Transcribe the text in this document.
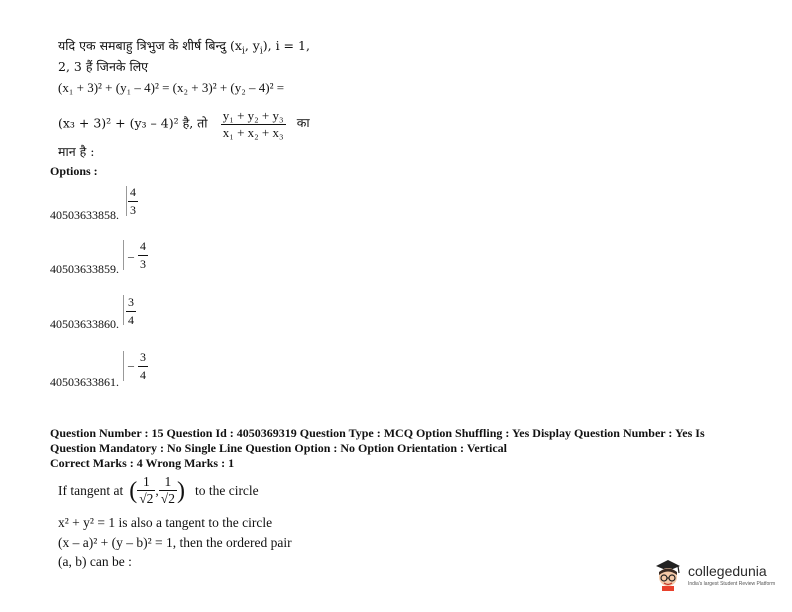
यदि एक समबाहु त्रिभुज के शीर्ष बिन्दु ($x_i$, $y_i$), i = 1,
2, 3 हैं जिनके लिए
(x₁ + 3)² + (y₁ – 4)² = (x₂ + 3)² + (y₂ – 4)² =
(x₃ + 3)² + (y₃ – 4)² है, तो $\frac{\text{y₁ + y₂ + y₃}}{\text{x₁ + x₂ + x₃}}$ का
मान है :
Options :
40503633858.
4
3
40503633859.
–
4
3
40503633860.
3
4
40503633861.
–
3
4
Question Number : 15 Question Id : 4050369319 Question Type : MCQ Option Shuffling : Yes Display Question Number : Yes Is
Question Mandatory : No Single Line Question Option : No Option Orientation : Vertical
Correct Marks : 4 Wrong Marks : 1
If tangent at ( $\frac{1}{√2}$ , $\frac{1}{√2}$ ) to the circle
x² + y² = 1 is also a tangent to the circle
(x – a)² + (y – b)² = 1, then the ordered pair
(a, b) can be :
collegedunia
India's largest Student Review Platform
